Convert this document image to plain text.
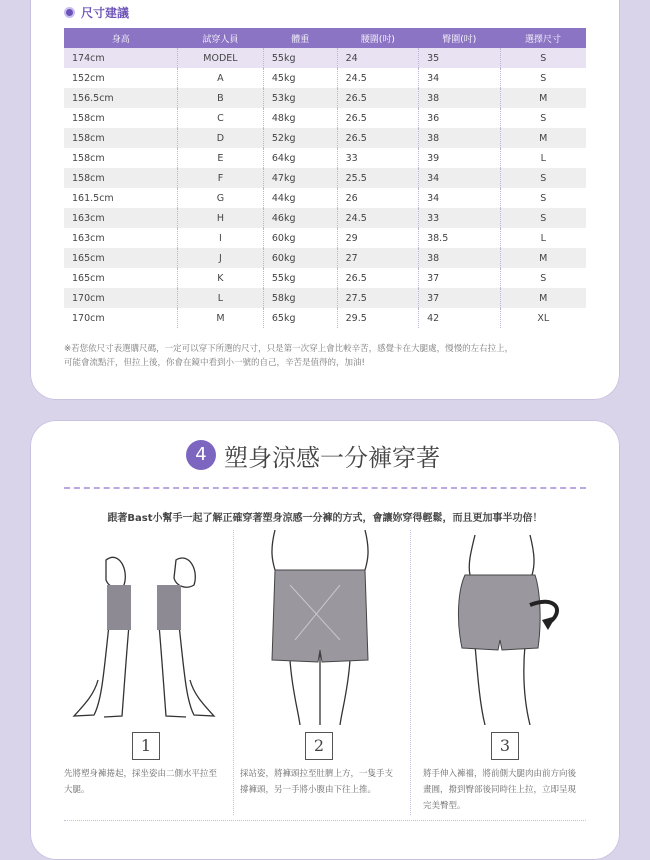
尺寸建議
身高	試穿人員	體重	腰圍(吋)	臀圍(吋)	選擇尺寸
174cm	MODEL	55kg	24	35	S
152cm	A	45kg	24.5	34	S
156.5cm	B	53kg	26.5	38	M
158cm	C	48kg	26.5	36	S
158cm	D	52kg	26.5	38	M
158cm	E	64kg	33	39	L
158cm	F	47kg	25.5	34	S
161.5cm	G	44kg	26	34	S
163cm	H	46kg	24.5	33	S
163cm	I	60kg	29	38.5	L
165cm	J	60kg	27	38	M
165cm	K	55kg	26.5	37	S
170cm	L	58kg	27.5	37	M
170cm	M	65kg	29.5	42	XL
※若您依尺寸表選購尺碼，一定可以穿下所選的尺寸，只是第一次穿上會比較辛苦，感覺卡在大腿處，慢慢的左右拉上，
可能會流點汗，但拉上後，你會在鏡中看到小一號的自己，辛苦是值得的，加油!
4 塑身涼感一分褲穿著
跟著Bast小幫手一起了解正確穿著塑身涼感一分褲的方式，會讓妳穿得輕鬆，而且更加事半功倍！
1	2	3
先將塑身褲捲起，採坐姿由二側水平拉至大腿。
採站姿，將褲頭拉至肚臍上方，一隻手支撐褲頭，另一手將小腹由下往上推。
將手伸入褲襠，將前側大腿肉由前方向後畫圓，撥到臀部後同時往上拉，立即呈現完美臀型。
